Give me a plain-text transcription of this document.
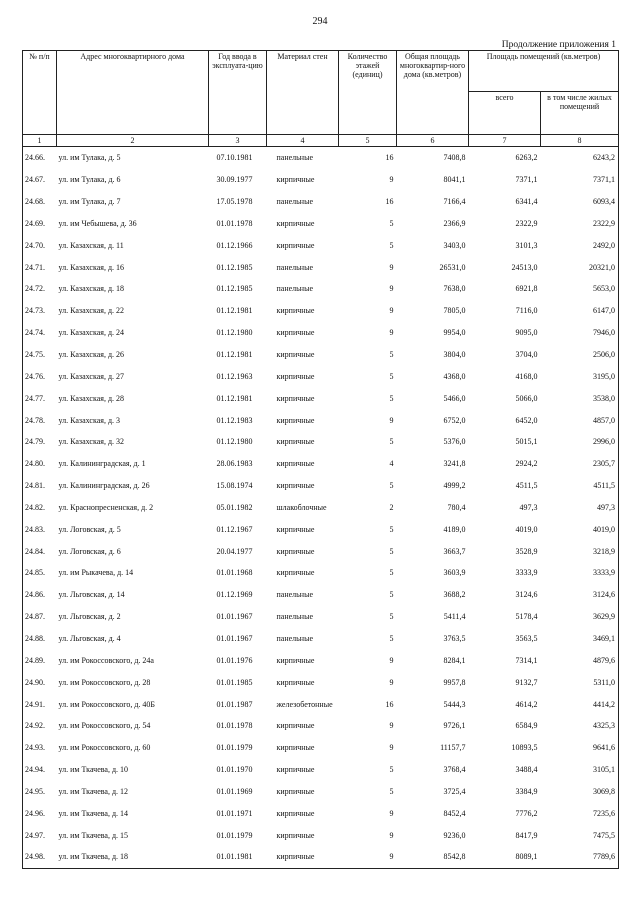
294
Продолжение приложения 1
№ п/п	Адрес многоквартирного дома	Год ввода в эксплуата-цию	Материал стен	Количество этажей (единиц)	Общая площадь многоквартир-ного дома (кв.метров)	Площадь помещений (кв.метров)	
						всего	в том числе жилых помещений
1	2	3	4	5	6	7	8
24.66.	ул. им Тулака, д. 5	07.10.1981	панельные	16	7408,8	6263,2	6243,2
24.67.	ул. им Тулака, д. 6	30.09.1977	кирпичные	9	8041,1	7371,1	7371,1
24.68.	ул. им Тулака, д. 7	17.05.1978	панельные	16	7166,4	6341,4	6093,4
24.69.	ул. им Чебышева, д. 36	01.01.1978	кирпичные	5	2366,9	2322,9	2322,9
24.70.	ул. Казахская, д. 11	01.12.1966	кирпичные	5	3403,0	3101,3	2492,0
24.71.	ул. Казахская, д. 16	01.12.1985	панельные	9	26531,0	24513,0	20321,0
24.72.	ул. Казахская, д. 18	01.12.1985	панельные	9	7638,0	6921,8	5653,0
24.73.	ул. Казахская, д. 22	01.12.1981	кирпичные	9	7805,0	7116,0	6147,0
24.74.	ул. Казахская, д. 24	01.12.1980	кирпичные	9	9954,0	9095,0	7946,0
24.75.	ул. Казахская, д. 26	01.12.1981	кирпичные	5	3804,0	3704,0	2506,0
24.76.	ул. Казахская, д. 27	01.12.1963	кирпичные	5	4368,0	4168,0	3195,0
24.77.	ул. Казахская, д. 28	01.12.1981	кирпичные	5	5466,0	5066,0	3538,0
24.78.	ул. Казахская, д. 3	01.12.1983	кирпичные	9	6752,0	6452,0	4857,0
24.79.	ул. Казахская, д. 32	01.12.1980	кирпичные	5	5376,0	5015,1	2996,0
24.80.	ул. Калининградская, д. 1	28.06.1983	кирпичные	4	3241,8	2924,2	2305,7
24.81.	ул. Калининградская, д. 26	15.08.1974	кирпичные	5	4999,2	4511,5	4511,5
24.82.	ул. Краснопресненская, д. 2	05.01.1982	шлакоблочные	2	780,4	497,3	497,3
24.83.	ул. Логовская, д. 5	01.12.1967	кирпичные	5	4189,0	4019,0	4019,0
24.84.	ул. Логовская, д. 6	20.04.1977	кирпичные	5	3663,7	3528,9	3218,9
24.85.	ул. им Рыкачева, д. 14	01.01.1968	кирпичные	5	3603,9	3333,9	3333,9
24.86.	ул. Льговская, д. 14	01.12.1969	панельные	5	3688,2	3124,6	3124,6
24.87.	ул. Льговская, д. 2	01.01.1967	панельные	5	5411,4	5178,4	3629,9
24.88.	ул. Льговская, д. 4	01.01.1967	панельные	5	3763,5	3563,5	3469,1
24.89.	ул. им Рокоссовского, д. 24а	01.01.1976	кирпичные	9	8284,1	7314,1	4879,6
24.90.	ул. им Рокоссовского, д. 28	01.01.1985	кирпичные	9	9957,8	9132,7	5311,0
24.91.	ул. им Рокоссовского, д. 40Б	01.01.1987	железобетонные	16	5444,3	4614,2	4414,2
24.92.	ул. им Рокоссовского, д. 54	01.01.1978	кирпичные	9	9726,1	6584,9	4325,3
24.93.	ул. им Рокоссовского, д. 60	01.01.1979	кирпичные	9	11157,7	10893,5	9641,6
24.94.	ул. им Ткачева, д. 10	01.01.1970	кирпичные	5	3768,4	3488,4	3105,1
24.95.	ул. им Ткачева, д. 12	01.01.1969	кирпичные	5	3725,4	3384,9	3069,8
24.96.	ул. им Ткачева, д. 14	01.01.1971	кирпичные	9	8452,4	7776,2	7235,6
24.97.	ул. им Ткачева, д. 15	01.01.1979	кирпичные	9	9236,0	8417,9	7475,5
24.98.	ул. им Ткачева, д. 18	01.01.1981	кирпичные	9	8542,8	8089,1	7789,6
